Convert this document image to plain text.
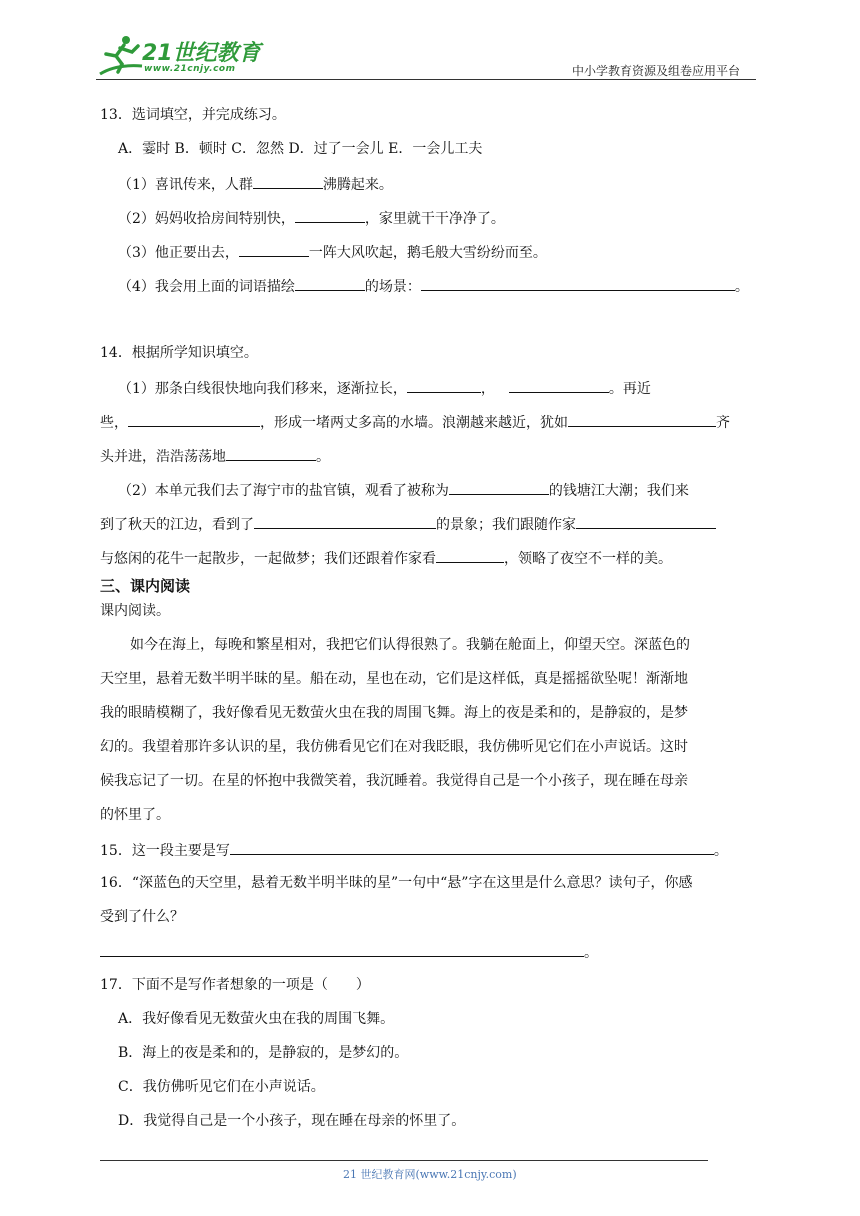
21世纪教育
www.21cnjy.com	中小学教育资源及组卷应用平台
13．选词填空，并完成练习。
A．霎时 B．顿时 C．忽然 D．过了一会儿 E．一会儿工夫
（1）喜讯传来，人群	沸腾起来。
（2）妈妈收拾房间特别快，	，家里就干干净净了。
（3）他正要出去，	一阵大风吹起，鹅毛般大雪纷纷而至。
（4）我会用上面的词语描绘	的场景：	。
14．根据所学知识填空。
（1）那条白线很快地向我们移来，逐渐拉长，	，	。再近
些，	，形成一堵两丈多高的水墙。浪潮越来越近，犹如	齐
头并进，浩浩荡荡地	。
（2）本单元我们去了海宁市的盐官镇，观看了被称为	的钱塘江大潮；我们来
到了秋天的江边，看到了	的景象；我们跟随作家
与悠闲的花牛一起散步，一起做梦；我们还跟着作家看	，领略了夜空不一样的美。
三、课内阅读
课内阅读。
如今在海上，每晚和繁星相对，我把它们认得很熟了。我躺在舱面上，仰望天空。深蓝色的
天空里，悬着无数半明半昧的星。船在动，星也在动，它们是这样低，真是摇摇欲坠呢！渐渐地
我的眼睛模糊了，我好像看见无数萤火虫在我的周围飞舞。海上的夜是柔和的，是静寂的，是梦
幻的。我望着那许多认识的星，我仿佛看见它们在对我眨眼，我仿佛听见它们在小声说话。这时
候我忘记了一切。在星的怀抱中我微笑着，我沉睡着。我觉得自己是一个小孩子，现在睡在母亲
的怀里了。
15．这一段主要是写	。
16．“深蓝色的天空里，悬着无数半明半昧的星”一句中“悬”字在这里是什么意思？读句子，你感
受到了什么？
。
17．下面不是写作者想象的一项是（　　）
A．我好像看见无数萤火虫在我的周围飞舞。
B．海上的夜是柔和的，是静寂的，是梦幻的。
C．我仿佛听见它们在小声说话。
D．我觉得自己是一个小孩子，现在睡在母亲的怀里了。
21 世纪教育网(www.21cnjy.com)
